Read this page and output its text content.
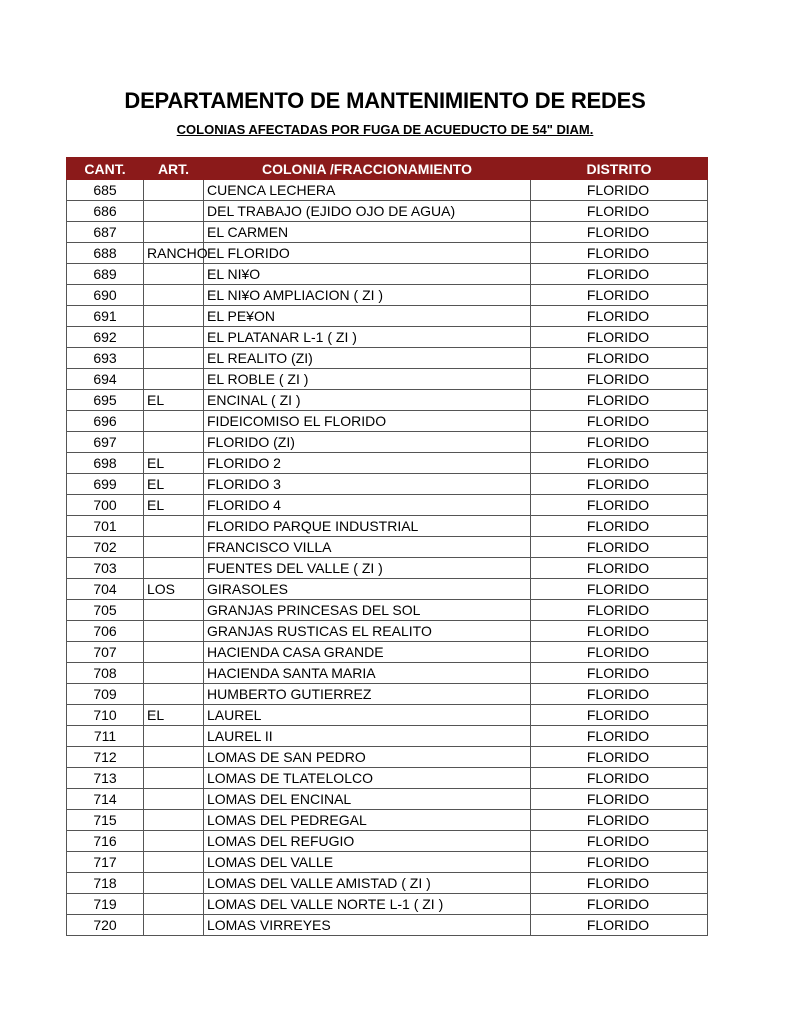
DEPARTAMENTO DE MANTENIMIENTO DE REDES
COLONIAS AFECTADAS POR FUGA DE ACUEDUCTO DE 54" DIAM.
CANT.	ART.	COLONIA /FRACCIONAMIENTO	DISTRITO
685		CUENCA LECHERA	FLORIDO
686		DEL TRABAJO (EJIDO OJO DE AGUA)	FLORIDO
687		EL CARMEN	FLORIDO
688	RANCHO	EL FLORIDO	FLORIDO
689		EL NI¥O	FLORIDO
690		EL NI¥O AMPLIACION ( ZI )	FLORIDO
691		EL PE¥ON	FLORIDO
692		EL PLATANAR L-1 ( ZI )	FLORIDO
693		EL REALITO (ZI)	FLORIDO
694		EL ROBLE ( ZI )	FLORIDO
695	EL	ENCINAL ( ZI )	FLORIDO
696		FIDEICOMISO EL FLORIDO	FLORIDO
697		FLORIDO (ZI)	FLORIDO
698	EL	FLORIDO 2	FLORIDO
699	EL	FLORIDO 3	FLORIDO
700	EL	FLORIDO 4	FLORIDO
701		FLORIDO PARQUE INDUSTRIAL	FLORIDO
702		FRANCISCO VILLA	FLORIDO
703		FUENTES DEL VALLE ( ZI )	FLORIDO
704	LOS	GIRASOLES	FLORIDO
705		GRANJAS PRINCESAS DEL SOL	FLORIDO
706		GRANJAS RUSTICAS EL REALITO	FLORIDO
707		HACIENDA CASA GRANDE	FLORIDO
708		HACIENDA SANTA MARIA	FLORIDO
709		HUMBERTO GUTIERREZ	FLORIDO
710	EL	LAUREL	FLORIDO
711		LAUREL II	FLORIDO
712		LOMAS DE SAN PEDRO	FLORIDO
713		LOMAS DE TLATELOLCO	FLORIDO
714		LOMAS DEL ENCINAL	FLORIDO
715		LOMAS DEL PEDREGAL	FLORIDO
716		LOMAS DEL REFUGIO	FLORIDO
717		LOMAS DEL VALLE	FLORIDO
718		LOMAS DEL VALLE AMISTAD ( ZI )	FLORIDO
719		LOMAS DEL VALLE NORTE L-1 ( ZI )	FLORIDO
720		LOMAS VIRREYES	FLORIDO
